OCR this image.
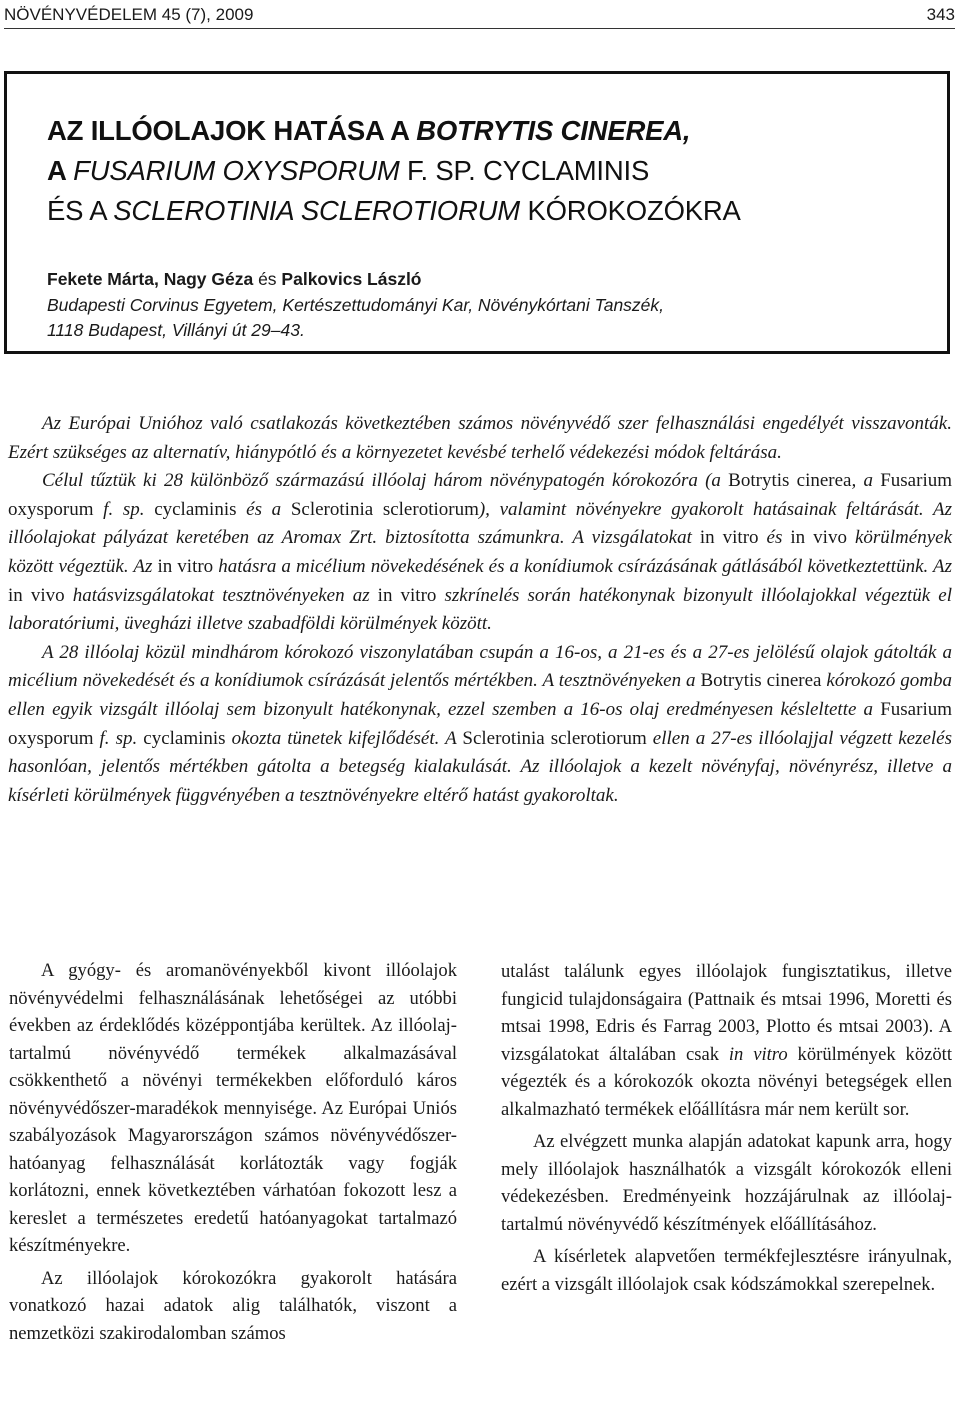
NÖVÉNYVÉDELEM 45 (7), 2009	343
AZ ILLÓOLAJOK HATÁSA A BOTRYTIS CINEREA,
A FUSARIUM OXYSPORUM F. SP. CYCLAMINIS
ÉS A SCLEROTINIA SCLEROTIORUM KÓROKOZÓKRA
Fekete Márta, Nagy Géza és Palkovics László
Budapesti Corvinus Egyetem, Kertészettudományi Kar, Növénykórtani Tanszék,
1118 Budapest, Villányi út 29–43.

Az Európai Unióhoz való csatlakozás következtében számos növényvédő szer felhasználási engedélyét visszavonták. Ezért szükséges az alternatív, hiánypótló és a környezetet kevésbé terhelő védekezési módok feltárása.

Célul tűztük ki 28 különböző származású illóolaj három növénypatogén kórokozóra (a Botrytis cinerea, a Fusarium oxysporum f. sp. cyclaminis és a Sclerotinia sclerotiorum), valamint növényekre gyakorolt hatásainak feltárását. Az illóolajokat pályázat keretében az Aromax Zrt. biztosította számunkra. A vizsgálatokat in vitro és in vivo körülmények között végeztük. Az in vitro hatásra a micélium növekedésének és a konídiumok csírázásának gátlásából következtettünk. Az in vivo hatásvizsgálatokat tesztnövényeken az in vitro szkrínelés során hatékonynak bizonyult illóolajokkal végeztük el laboratóriumi, üvegházi illetve szabadföldi körülmények között.

A 28 illóolaj közül mindhárom kórokozó viszonylatában csupán a 16-os, a 21-es és a 27-es jelölésű olajok gátolták a micélium növekedését és a konídiumok csírázását jelentős mértékben. A tesztnövényeken a Botrytis cinerea kórokozó gomba ellen egyik vizsgált illóolaj sem bizonyult hatékonynak, ezzel szemben a 16-os olaj eredményesen késleltette a Fusarium oxysporum f. sp. cyclaminis okozta tünetek kifejlődését. A Sclerotinia sclerotiorum ellen a 27-es illóolajjal végzett kezelés hasonlóan, jelentős mértékben gátolta a betegség kialakulását. Az illóolajok a kezelt növényfaj, növényrész, illetve a kísérleti körülmények függvényében a tesztnövényekre eltérő hatást gyakoroltak.

A gyógy- és aromanövényekből kivont illóolajok növényvédelmi felhasználásának lehetőségei az utóbbi években az érdeklődés középpontjába kerültek. Az illóolaj-tartalmú növényvédő termékek alkalmazásával csökkenthető a növényi termékekben előforduló káros növényvédőszer-maradékok mennyisége. Az Európai Uniós szabályozások Magyarországon számos növényvédőszer-hatóanyag felhasználását korlátozták vagy fogják korlátozni, ennek következtében várhatóan fokozott lesz a kereslet a természetes eredetű hatóanyagokat tartalmazó készítményekre.

Az illóolajok kórokozókra gyakorolt hatására vonatkozó hazai adatok alig találhatók, viszont a nemzetközi szakirodalomban számos

utalást találunk egyes illóolajok fungisztatikus, illetve fungicid tulajdonságaira (Pattnaik és mtsai 1996, Moretti és mtsai 1998, Edris és Farrag 2003, Plotto és mtsai 2003). A vizsgálatokat általában csak in vitro körülmények között végezték és a kórokozók okozta növényi betegségek ellen alkalmazható termékek előállításra már nem került sor.

Az elvégzett munka alapján adatokat kapunk arra, hogy mely illóolajok használhatók a vizsgált kórokozók elleni védekezésben. Eredményeink hozzájárulnak az illóolaj-tartalmú növényvédő készítmények előállításához.

A kísérletek alapvetően termékfejlesztésre irányulnak, ezért a vizsgált illóolajok csak kódszámokkal szerepelnek.
